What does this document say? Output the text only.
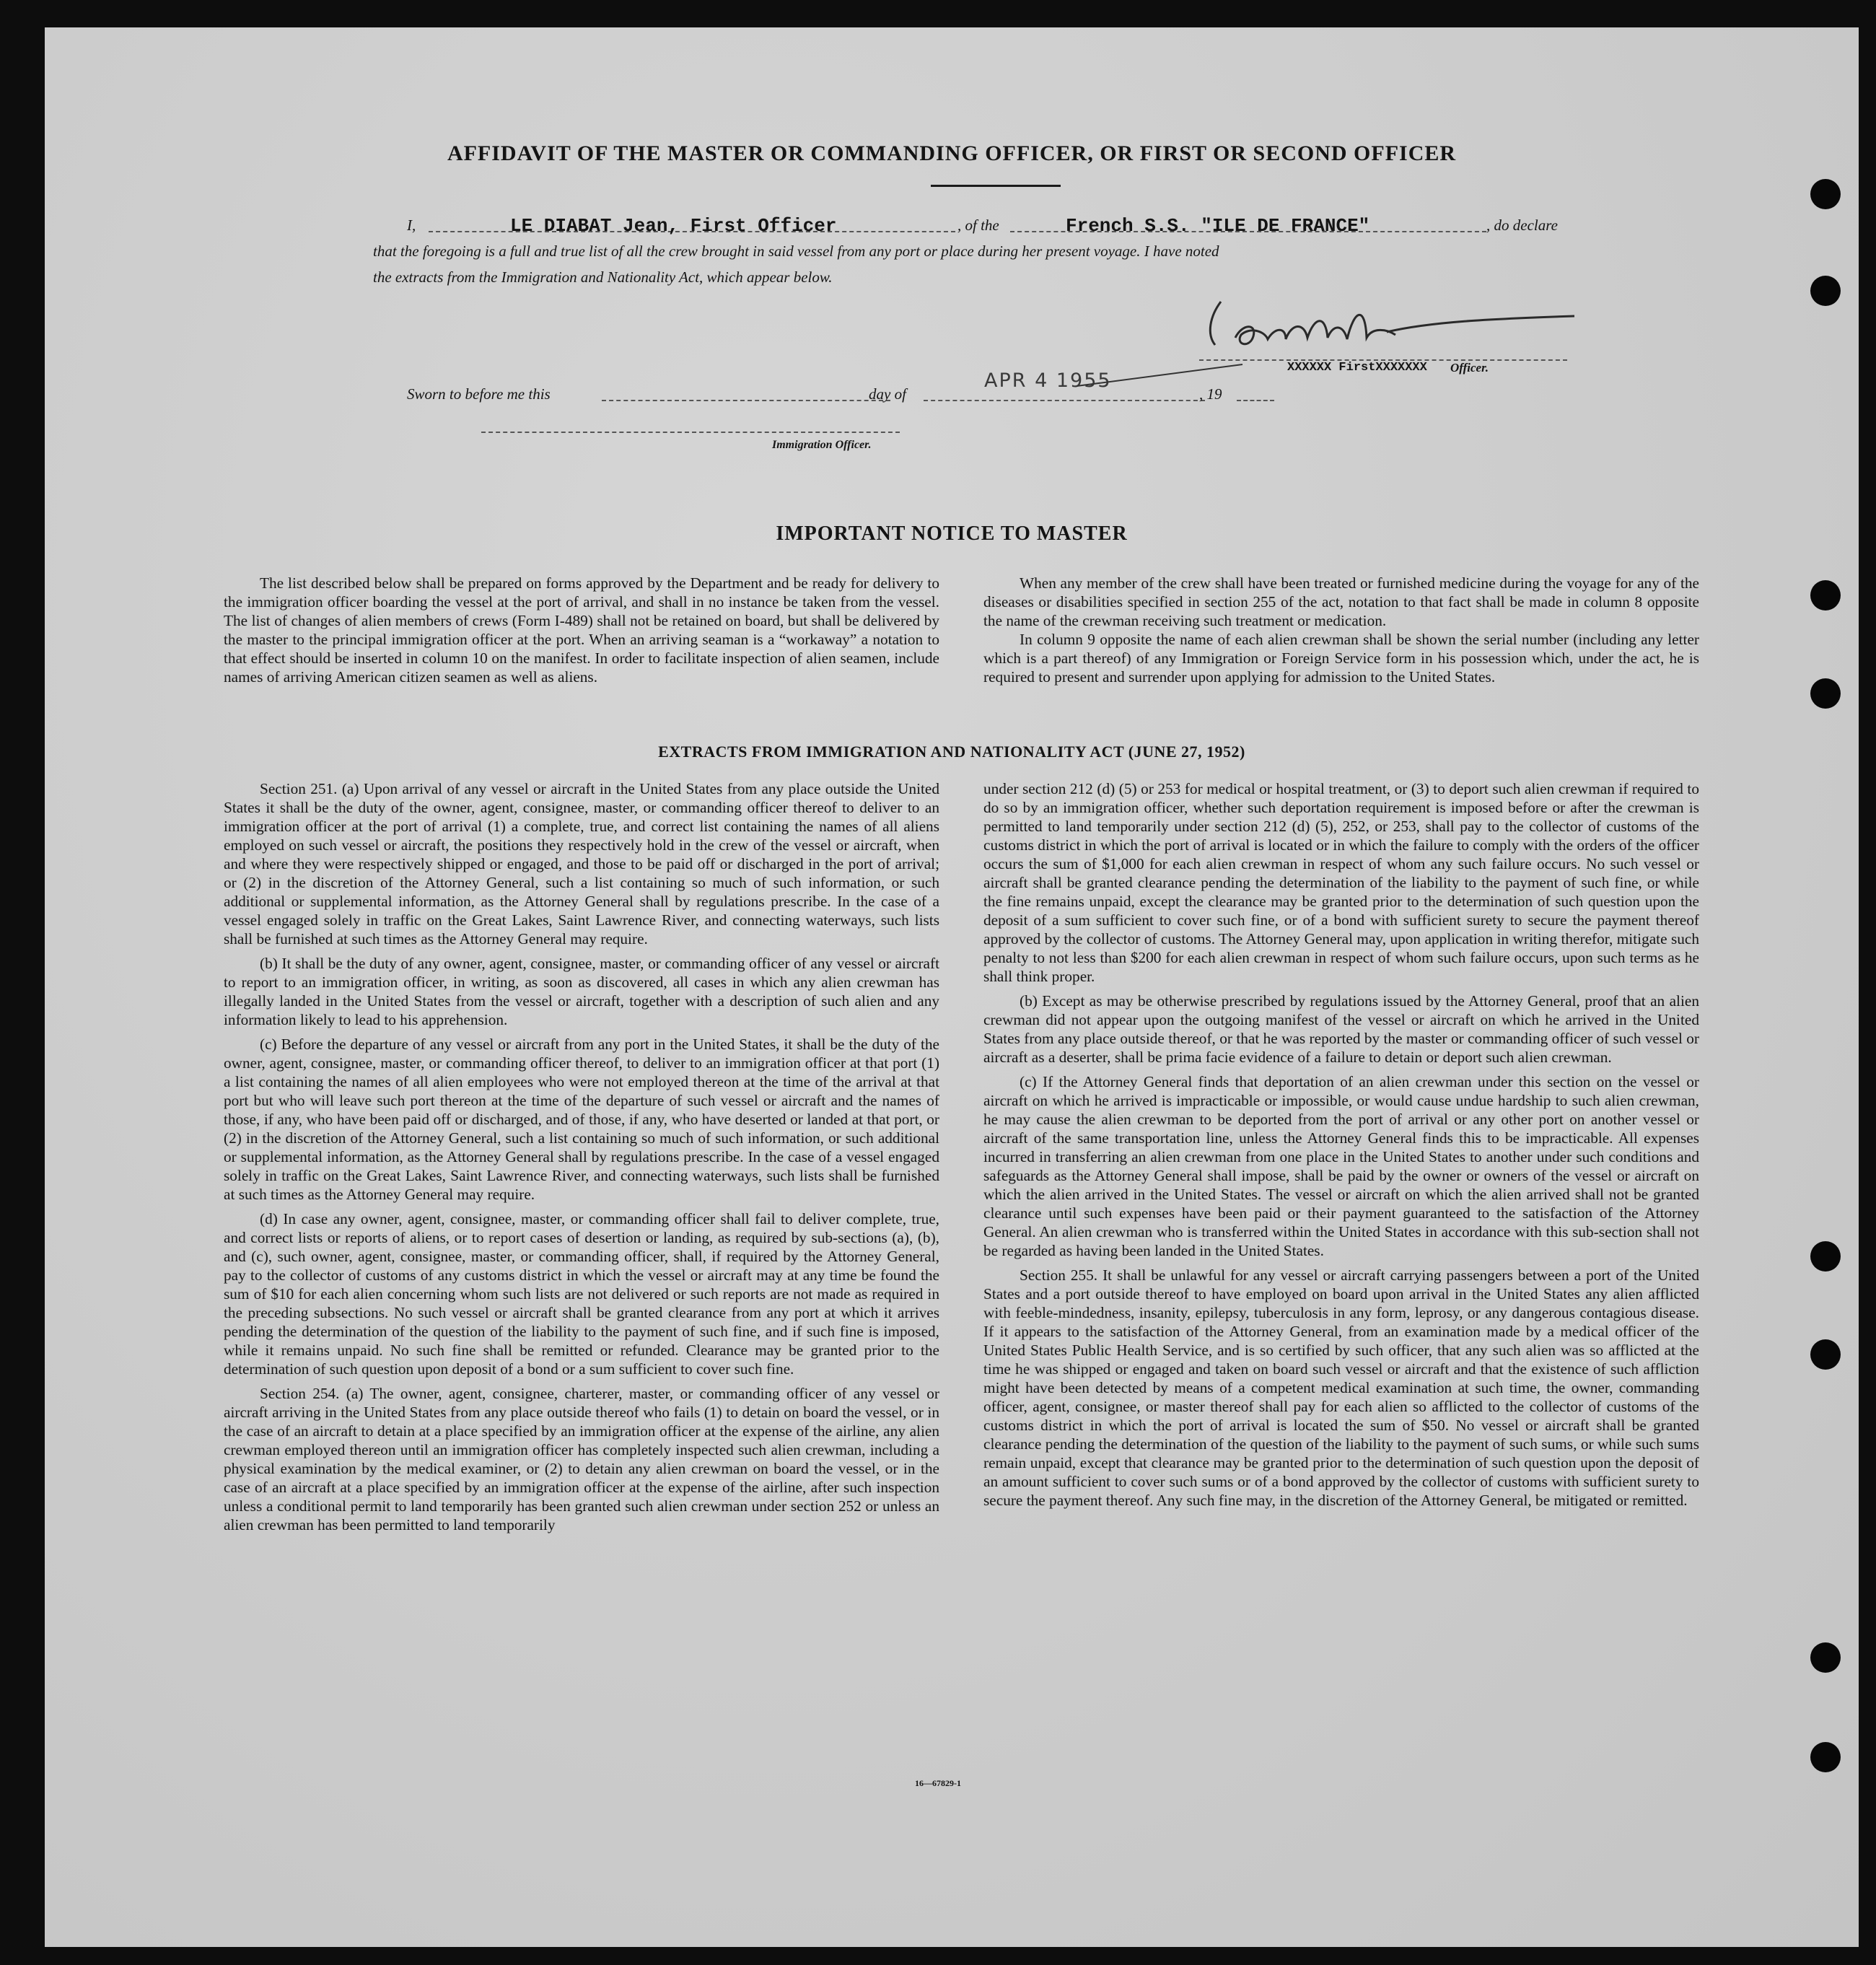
AFFIDAVIT OF THE MASTER OR COMMANDING OFFICER, OR FIRST OR SECOND OFFICER
I,	LE DIABAT Jean, First Officer	, of the	French S.S. "ILE DE FRANCE"	, do declare
that the foregoing is a full and true list of all the crew brought in said vessel from any port or place during her present voyage. I have noted
the extracts from the Immigration and Nationality Act, which appear below.
XXXXXX FirstXXXXXXX Officer.
Sworn to before me this	day of
APR 4 1955
, 19
Immigration Officer.
IMPORTANT NOTICE TO MASTER

The list described below shall be prepared on forms approved by the Department and be ready for delivery to the immigration officer boarding the vessel at the port of arrival, and shall in no instance be taken from the vessel. The list of changes of alien members of crews (Form I-489) shall not be retained on board, but shall be delivered by the master to the principal immigration officer at the port. When an arriving seaman is a “workaway” a notation to that effect should be inserted in column 10 on the manifest. In order to facilitate inspection of alien seamen, include names of arriving American citizen seamen as well as aliens.

When any member of the crew shall have been treated or furnished medicine during the voyage for any of the diseases or disabilities specified in section 255 of the act, notation to that fact shall be made in column 8 opposite the name of the crewman receiving such treatment or medication.

In column 9 opposite the name of each alien crewman shall be shown the serial number (including any letter which is a part thereof) of any Immigration or Foreign Service form in his possession which, under the act, he is required to present and surrender upon applying for admission to the United States.

EXTRACTS FROM IMMIGRATION AND NATIONALITY ACT (JUNE 27, 1952)

Section 251. (a) Upon arrival of any vessel or aircraft in the United States from any place outside the United States it shall be the duty of the owner, agent, consignee, master, or commanding officer thereof to deliver to an immigration officer at the port of arrival (1) a complete, true, and correct list containing the names of all aliens employed on such vessel or aircraft, the positions they respectively hold in the crew of the vessel or aircraft, when and where they were respectively shipped or engaged, and those to be paid off or discharged in the port of arrival; or (2) in the discretion of the Attorney General, such a list containing so much of such information, or such additional or supplemental information, as the Attorney General shall by regulations prescribe. In the case of a vessel engaged solely in traffic on the Great Lakes, Saint Lawrence River, and connecting waterways, such lists shall be furnished at such times as the Attorney General may require.

(b) It shall be the duty of any owner, agent, consignee, master, or commanding officer of any vessel or aircraft to report to an immigration officer, in writing, as soon as discovered, all cases in which any alien crewman has illegally landed in the United States from the vessel or aircraft, together with a description of such alien and any information likely to lead to his apprehension.

(c) Before the departure of any vessel or aircraft from any port in the United States, it shall be the duty of the owner, agent, consignee, master, or commanding officer thereof, to deliver to an immigration officer at that port (1) a list containing the names of all alien employees who were not employed thereon at the time of the arrival at that port but who will leave such port thereon at the time of the departure of such vessel or aircraft and the names of those, if any, who have been paid off or discharged, and of those, if any, who have deserted or landed at that port, or (2) in the discretion of the Attorney General, such a list containing so much of such information, or such additional or supplemental information, as the Attorney General shall by regulations prescribe. In the case of a vessel engaged solely in traffic on the Great Lakes, Saint Lawrence River, and connecting waterways, such lists shall be furnished at such times as the Attorney General may require.

(d) In case any owner, agent, consignee, master, or commanding officer shall fail to deliver complete, true, and correct lists or reports of aliens, or to report cases of desertion or landing, as required by sub-sections (a), (b), and (c), such owner, agent, consignee, master, or commanding officer, shall, if required by the Attorney General, pay to the collector of customs of any customs district in which the vessel or aircraft may at any time be found the sum of $10 for each alien concerning whom such lists are not delivered or such reports are not made as required in the preceding subsections. No such vessel or aircraft shall be granted clearance from any port at which it arrives pending the determination of the question of the liability to the payment of such fine, and if such fine is imposed, while it remains unpaid. No such fine shall be remitted or refunded. Clearance may be granted prior to the determination of such question upon deposit of a bond or a sum sufficient to cover such fine.

Section 254. (a) The owner, agent, consignee, charterer, master, or commanding officer of any vessel or aircraft arriving in the United States from any place outside thereof who fails (1) to detain on board the vessel, or in the case of an aircraft to detain at a place specified by an immigration officer at the expense of the airline, any alien crewman employed thereon until an immigration officer has completely inspected such alien crewman, including a physical examination by the medical examiner, or (2) to detain any alien crewman on board the vessel, or in the case of an aircraft at a place specified by an immigration officer at the expense of the airline, after such inspection unless a conditional permit to land temporarily has been granted such alien crewman under section 252 or unless an alien crewman has been permitted to land temporarily

under section 212 (d) (5) or 253 for medical or hospital treatment, or (3) to deport such alien crewman if required to do so by an immigration officer, whether such deportation requirement is imposed before or after the crewman is permitted to land temporarily under section 212 (d) (5), 252, or 253, shall pay to the collector of customs of the customs district in which the port of arrival is located or in which the failure to comply with the orders of the officer occurs the sum of $1,000 for each alien crewman in respect of whom any such failure occurs. No such vessel or aircraft shall be granted clearance pending the determination of the liability to the payment of such fine, or while the fine remains unpaid, except the clearance may be granted prior to the determination of such question upon the deposit of a sum sufficient to cover such fine, or of a bond with sufficient surety to secure the payment thereof approved by the collector of customs. The Attorney General may, upon application in writing therefor, mitigate such penalty to not less than $200 for each alien crewman in respect of whom such failure occurs, upon such terms as he shall think proper.

(b) Except as may be otherwise prescribed by regulations issued by the Attorney General, proof that an alien crewman did not appear upon the outgoing manifest of the vessel or aircraft on which he arrived in the United States from any place outside thereof, or that he was reported by the master or commanding officer of such vessel or aircraft as a deserter, shall be prima facie evidence of a failure to detain or deport such alien crewman.

(c) If the Attorney General finds that deportation of an alien crewman under this section on the vessel or aircraft on which he arrived is impracticable or impossible, or would cause undue hardship to such alien crewman, he may cause the alien crewman to be deported from the port of arrival or any other port on another vessel or aircraft of the same transportation line, unless the Attorney General finds this to be impracticable. All expenses incurred in transferring an alien crewman from one place in the United States to another under such conditions and safeguards as the Attorney General shall impose, shall be paid by the owner or owners of the vessel or aircraft on which the alien arrived in the United States. The vessel or aircraft on which the alien arrived shall not be granted clearance until such expenses have been paid or their payment guaranteed to the satisfaction of the Attorney General. An alien crewman who is transferred within the United States in accordance with this sub-section shall not be regarded as having been landed in the United States.

Section 255. It shall be unlawful for any vessel or aircraft carrying passengers between a port of the United States and a port outside thereof to have employed on board upon arrival in the United States any alien afflicted with feeble-mindedness, insanity, epilepsy, tuberculosis in any form, leprosy, or any dangerous contagious disease. If it appears to the satisfaction of the Attorney General, from an examination made by a medical officer of the United States Public Health Service, and is so certified by such officer, that any such alien was so afflicted at the time he was shipped or engaged and taken on board such vessel or aircraft and that the existence of such affliction might have been detected by means of a competent medical examination at such time, the owner, commanding officer, agent, consignee, or master thereof shall pay for each alien so afflicted to the collector of customs of the customs district in which the port of arrival is located the sum of $50. No vessel or aircraft shall be granted clearance pending the determination of the question of the liability to the payment of such sums, or while such sums remain unpaid, except that clearance may be granted prior to the determination of such question upon the deposit of an amount sufficient to cover such sums or of a bond approved by the collector of customs with sufficient surety to secure the payment thereof. Any such fine may, in the discretion of the Attorney General, be mitigated or remitted.

16—67829-1
